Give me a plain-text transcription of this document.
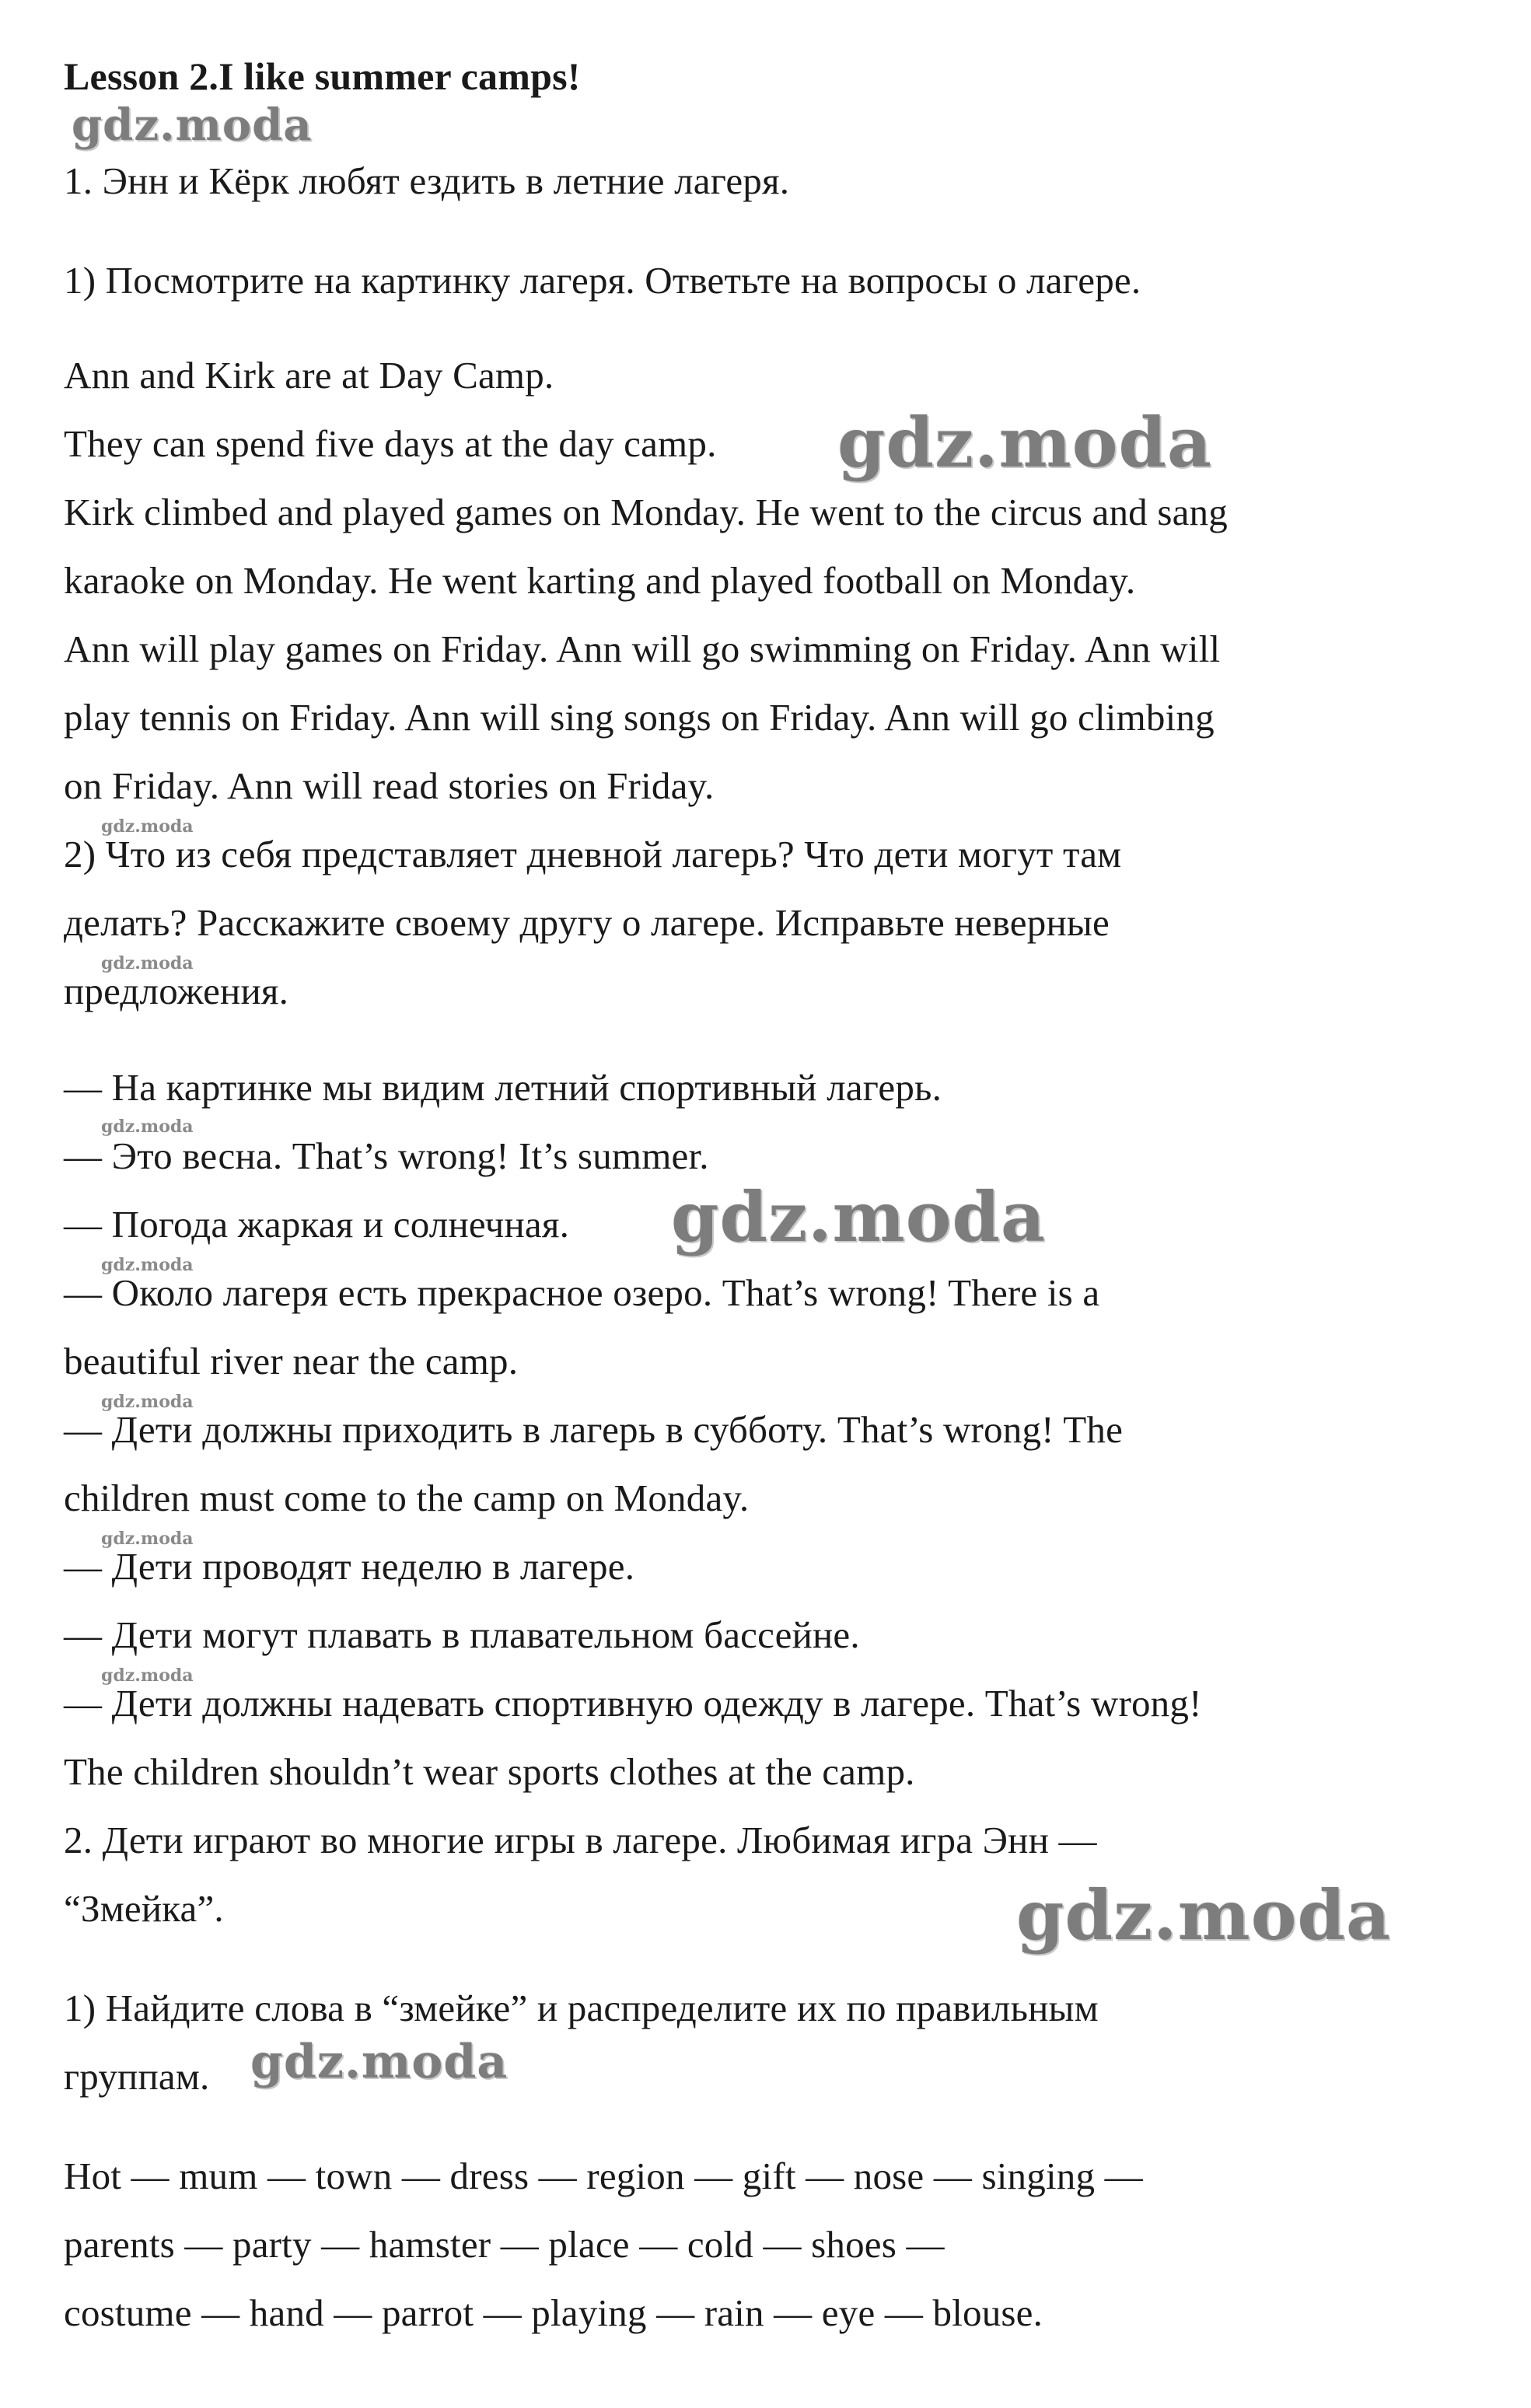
Lesson 2.I like summer camps!
1. Энн и Кёрк любят ездить в летние лагеря.
1) Посмотрите на картинку лагеря. Ответьте на вопросы о лагере.
Ann and Kirk are at Day Camp.
They can spend five days at the day camp.
Kirk climbed and played games on Monday. He went to the circus and sang
karaoke on Monday. He went karting and played football on Monday.
Ann will play games on Friday. Ann will go swimming on Friday. Ann will
play tennis on Friday. Ann will sing songs on Friday. Ann will go climbing
on Friday. Ann will read stories on Friday.
2) Что из себя представляет дневной лагерь? Что дети могут там
делать? Расскажите своему другу о лагере. Исправьте неверные
предложения.
— На картинке мы видим летний спортивный лагерь.
— Это весна. That’s wrong! It’s summer.
— Погода жаркая и солнечная.
— Около лагеря есть прекрасное озеро. That’s wrong! There is a
beautiful river near the camp.
— Дети должны приходить в лагерь в субботу. That’s wrong! The
children must come to the camp on Monday.
— Дети проводят неделю в лагере.
— Дети могут плавать в плавательном бассейне.
— Дети должны надевать спортивную одежду в лагере. That’s wrong!
The children shouldn’t wear sports clothes at the camp.
2. Дети играют во многие игры в лагере. Любимая игра Энн —
“Змейка”.
1) Найдите слова в “змейке” и распределите их по правильным
группам.
Hot — mum — town — dress — region — gift — nose — singing —
parents — party — hamster — place — cold — shoes —
costume — hand — parrot — playing — rain — eye — blouse.
gdz.moda
gdz.moda
gdz.moda
gdz.moda
gdz.moda
gdz.moda
gdz.moda
gdz.moda
gdz.moda
gdz.moda
gdz.moda
gdz.moda
